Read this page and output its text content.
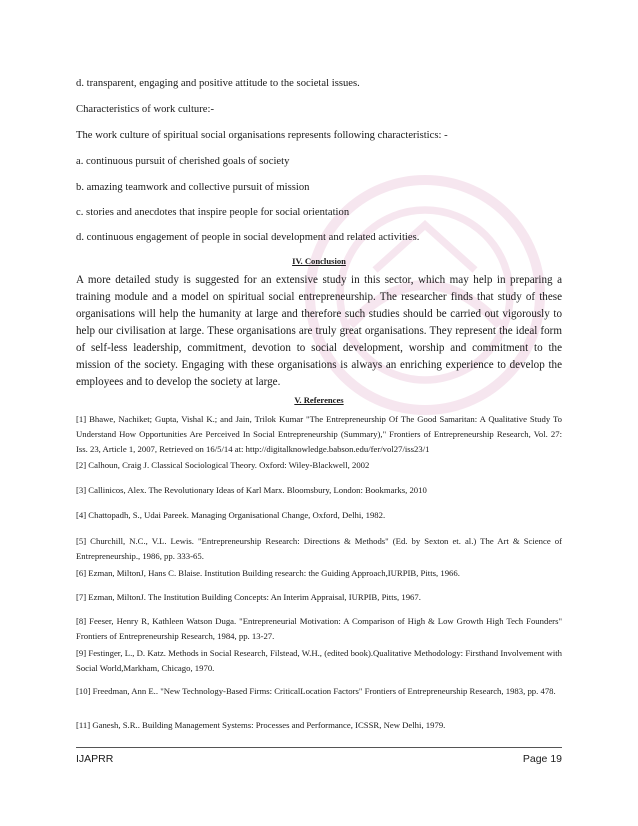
d. transparent, engaging and positive attitude to the societal issues.
Characteristics of work culture:-
The work culture of spiritual social organisations represents following characteristics: -
a. continuous pursuit of cherished goals of society
b. amazing teamwork and collective pursuit of mission
c. stories and anecdotes that inspire people for social orientation
d. continuous engagement of people in social development and related activities.
IV. Conclusion

A more detailed study is suggested for an extensive study in this sector, which may help in preparing a training module and a model on spiritual social entrepreneurship. The researcher finds that study of these organisations will help the humanity at large and therefore such studies should be carried out vigorously to help our civilisation at large. These organisations are truly great organisations. They represent the ideal form of self-less leadership, commitment, devotion to social development, worship and commitment to the mission of the society. Engaging with these organisations is always an enriching experience to develop the employees and to develop the society at large.

V. References

[1] Bhawe, Nachiket; Gupta, Vishal K.; and Jain, Trilok Kumar "The Entrepreneurship Of The Good Samaritan: A Qualitative Study To Understand How Opportunities Are Perceived In Social Entrepreneurship (Summary)," Frontiers of Entrepreneurship Research, Vol. 27: Iss. 23, Article 1, 2007, Retrieved on 16/5/14 at: http://digitalknowledge.babson.edu/fer/vol27/iss23/1

[2] Calhoun, Craig J. Classical Sociological Theory. Oxford: Wiley-Blackwell, 2002

[3] Callinicos, Alex. The Revolutionary Ideas of Karl Marx. Bloomsbury, London: Bookmarks, 2010

[4] Chattopadh, S., Udai Pareek. Managing Organisational Change, Oxford, Delhi, 1982.

[5] Churchill, N.C., V.L. Lewis. "Entrepreneurship Research: Directions & Methods" (Ed. by Sexton et. al.) The Art & Science of Entrepreneurship., 1986, pp. 333-65.

[6] Ezman, MiltonJ, Hans C. Blaise. Institution Building research: the Guiding Approach,IURPIB, Pitts, 1966.

[7] Ezman, MiltonJ. The Institution Building Concepts: An Interim Appraisal, IURPIB, Pitts, 1967.

[8] Feeser, Henry R, Kathleen Watson Duga. "Entrepreneurial Motivation: A Comparison of High & Low Growth High Tech Founders" Frontiers of Entrepreneurship Research, 1984, pp. 13-27.

[9] Festinger, L., D. Katz. Methods in Social Research, Filstead, W.H., (edited book).Qualitative Methodology: Firsthand Involvement with Social World,Markham, Chicago, 1970.

[10] Freedman, Ann E.. "New Technology-Based Firms: CriticalLocation Factors" Frontiers of Entrepreneurship Research, 1983, pp. 478.

[11] Ganesh, S.R.. Building Management Systems: Processes and Performance, ICSSR, New Delhi, 1979.

IJAPRR	Page 19
